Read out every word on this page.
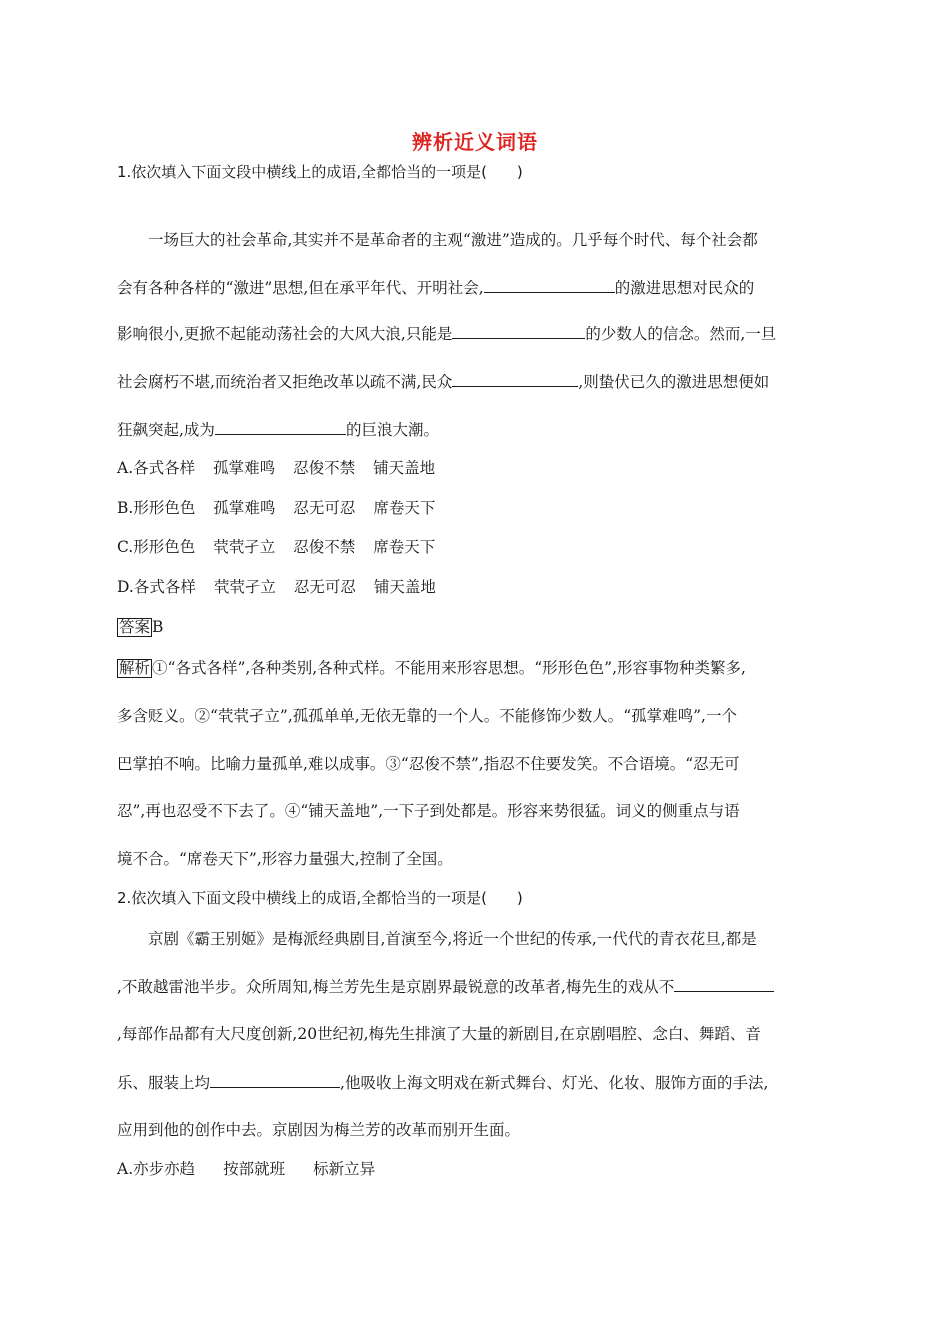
辨析近义词语
1.依次填入下面文段中横线上的成语,全都恰当的一项是(　　)
一场巨大的社会革命,其实并不是革命者的主观“激进”造成的。几乎每个时代、每个社会都
会有各种各样的“激进”思想,但在承平年代、开明社会,	的激进思想对民众的
影响很小,更掀不起能动荡社会的大风大浪,只能是	的少数人的信念。然而,一旦
社会腐朽不堪,而统治者又拒绝改革以疏不满,民众	,则蛰伏已久的激进思想便如
狂飙突起,成为	的巨浪大潮。
A.各式各样 孤掌难鸣 忍俊不禁 铺天盖地
B.形形色色 孤掌难鸣 忍无可忍 席卷天下
C.形形色色 茕茕孑立 忍俊不禁 席卷天下
D.各式各样 茕茕孑立 忍无可忍 铺天盖地
答案 B
解析 ①“各式各样”,各种类别,各种式样。不能用来形容思想。“形形色色”,形容事物种类繁多,
多含贬义。②“茕茕孑立”,孤孤单单,无依无靠的一个人。不能修饰少数人。“孤掌难鸣”,一个
巴掌拍不响。比喻力量孤单,难以成事。③“忍俊不禁”,指忍不住要发笑。不合语境。“忍无可
忍”,再也忍受不下去了。④“铺天盖地”,一下子到处都是。形容来势很猛。词义的侧重点与语
境不合。“席卷天下”,形容力量强大,控制了全国。
2.依次填入下面文段中横线上的成语,全都恰当的一项是(　　)
京剧《霸王别姬》是梅派经典剧目,首演至今,将近一个世纪的传承,一代代的青衣花旦,都是
,不敢越雷池半步。众所周知,梅兰芳先生是京剧界最锐意的改革者,梅先生的戏从不
,每部作品都有大尺度创新,20世纪初,梅先生排演了大量的新剧目,在京剧唱腔、念白、舞蹈、音
乐、服装上均	,他吸收上海文明戏在新式舞台、灯光、化妆、服饰方面的手法,
应用到他的创作中去。京剧因为梅兰芳的改革而别开生面。
A.亦步亦趋 按部就班 标新立异
